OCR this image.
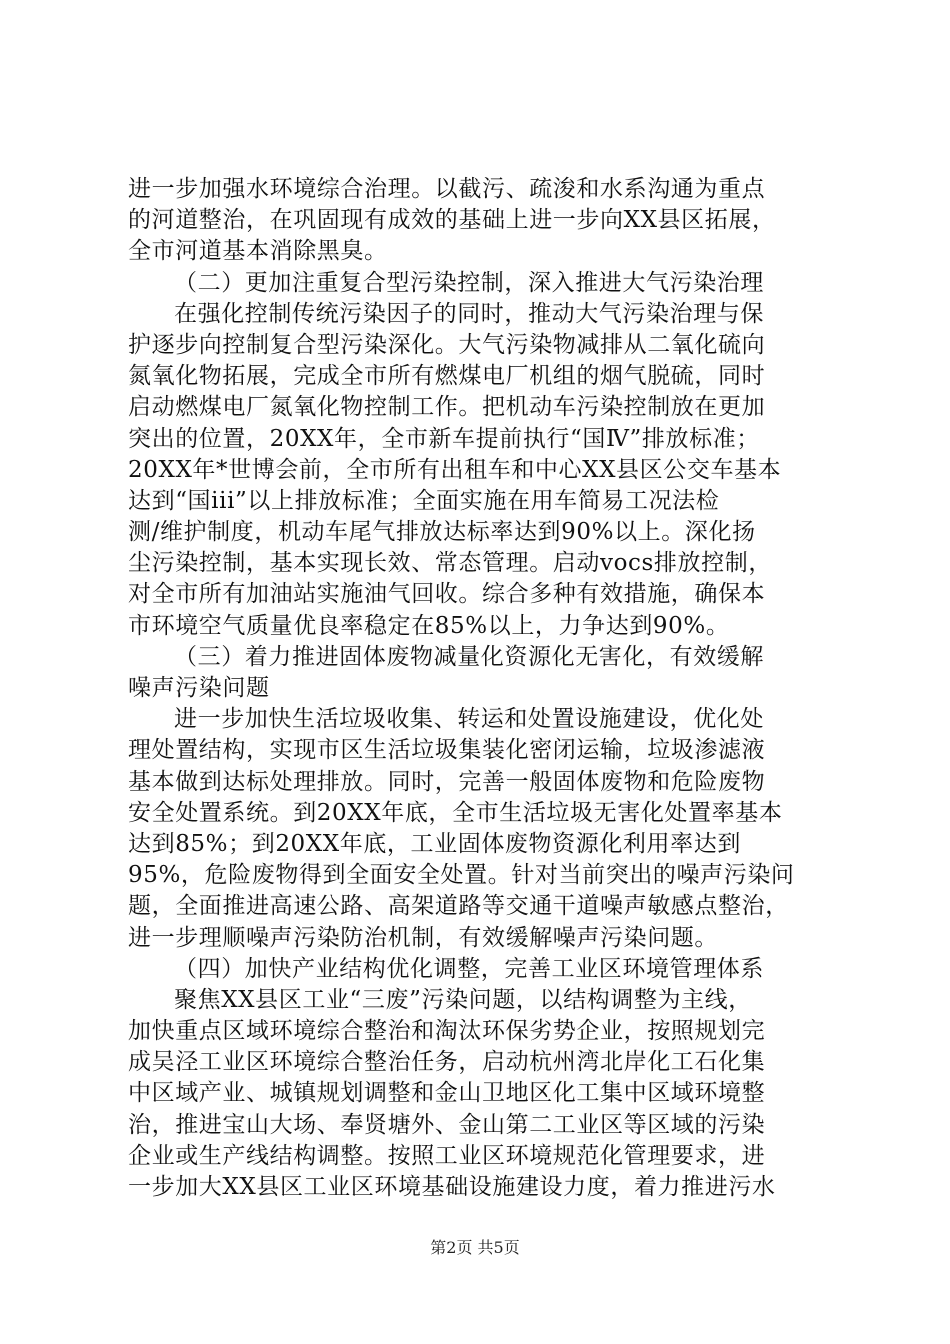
进一步加强水环境综合治理。以截污、疏浚和水系沟通为重点
的河道整治，在巩固现有成效的基础上进一步向XX县区拓展，
全市河道基本消除黑臭。
（二）更加注重复合型污染控制，深入推进大气污染治理
在强化控制传统污染因子的同时，推动大气污染治理与保
护逐步向控制复合型污染深化。大气污染物减排从二氧化硫向
氮氧化物拓展，完成全市所有燃煤电厂机组的烟气脱硫，同时
启动燃煤电厂氮氧化物控制工作。把机动车污染控制放在更加
突出的位置，20XX年，全市新车提前执行“国Ⅳ”排放标准；
20XX年*世博会前，全市所有出租车和中心XX县区公交车基本
达到“国iii”以上排放标准；全面实施在用车简易工况法检
测/维护制度，机动车尾气排放达标率达到90%以上。深化扬
尘污染控制，基本实现长效、常态管理。启动vocs排放控制，
对全市所有加油站实施油气回收。综合多种有效措施，确保本
市环境空气质量优良率稳定在85%以上，力争达到90%。
（三）着力推进固体废物减量化资源化无害化，有效缓解
噪声污染问题
进一步加快生活垃圾收集、转运和处置设施建设，优化处
理处置结构，实现市区生活垃圾集装化密闭运输，垃圾渗滤液
基本做到达标处理排放。同时，完善一般固体废物和危险废物
安全处置系统。到20XX年底，全市生活垃圾无害化处置率基本
达到85%；到20XX年底，工业固体废物资源化利用率达到
95%，危险废物得到全面安全处置。针对当前突出的噪声污染问
题，全面推进高速公路、高架道路等交通干道噪声敏感点整治，
进一步理顺噪声污染防治机制，有效缓解噪声污染问题。
（四）加快产业结构优化调整，完善工业区环境管理体系
聚焦XX县区工业“三废”污染问题，以结构调整为主线，
加快重点区域环境综合整治和淘汰环保劣势企业，按照规划完
成吴泾工业区环境综合整治任务，启动杭州湾北岸化工石化集
中区域产业、城镇规划调整和金山卫地区化工集中区域环境整
治，推进宝山大场、奉贤塘外、金山第二工业区等区域的污染
企业或生产线结构调整。按照工业区环境规范化管理要求，进
一步加大XX县区工业区环境基础设施建设力度，着力推进污水
第2页 共5页
